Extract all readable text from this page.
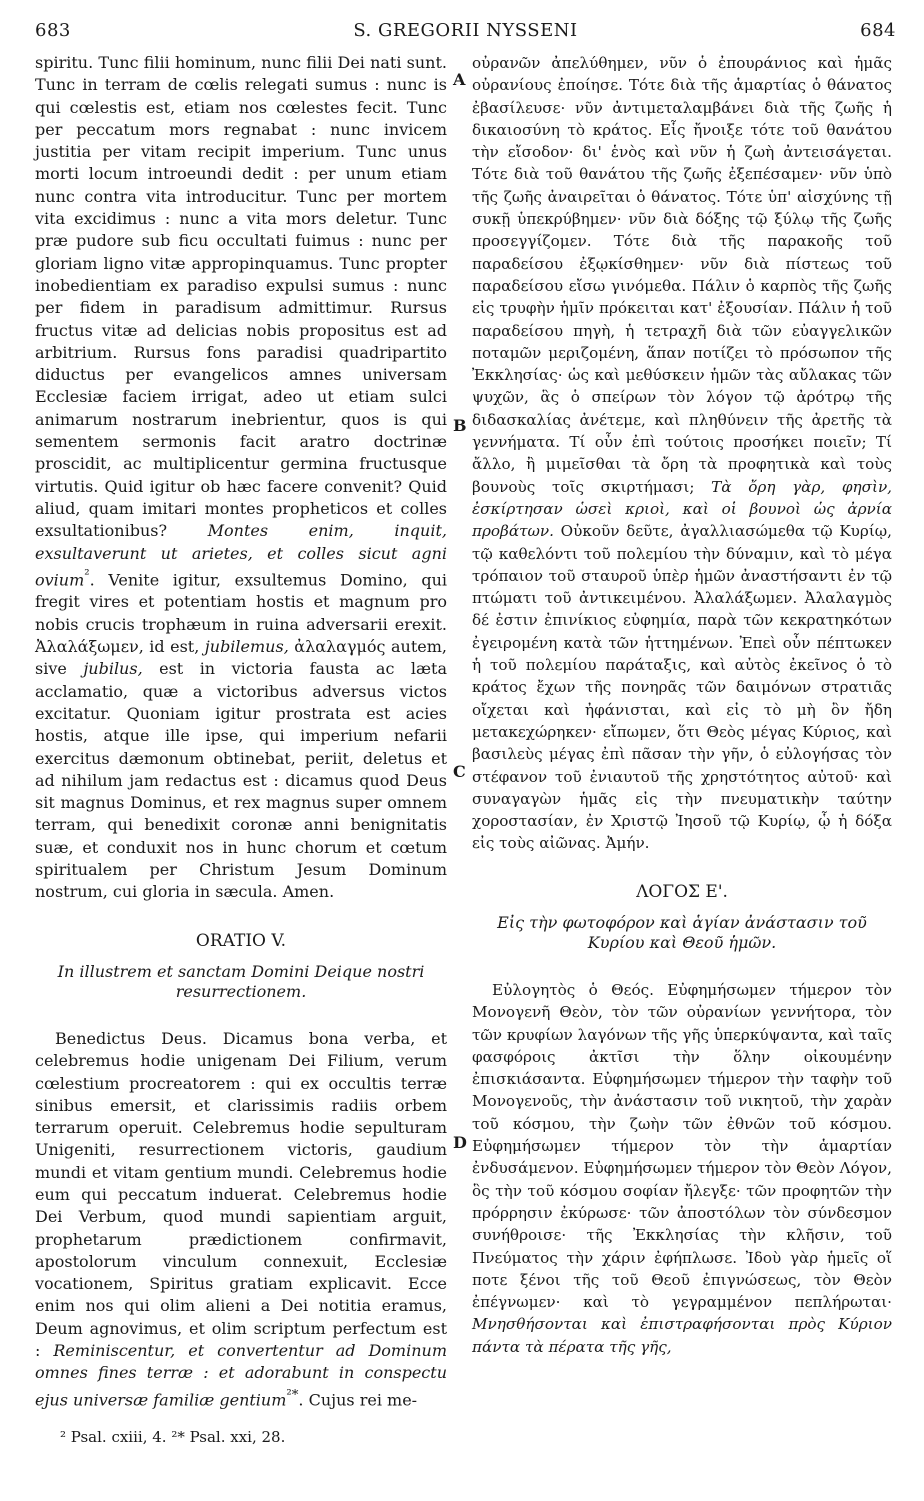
683	S. GREGORII NYSSENI	684
A
B
C
D

spiritu. Tunc filii hominum, nunc filii Dei nati sunt. Tunc in terram de cœlis relegati sumus : nunc is qui cœlestis est, etiam nos cœlestes fecit. Tunc per peccatum mors regnabat : nunc invicem justitia per vitam recipit imperium. Tunc unus morti locum introeundi dedit : per unum etiam nunc contra vita introducitur. Tunc per mortem vita excidimus : nunc a vita mors deletur. Tunc præ pudore sub ficu occultati fuimus : nunc per gloriam ligno vitæ appropinquamus. Tunc propter inobedientiam ex paradiso expulsi sumus : nunc per fidem in paradisum admittimur. Rursus fructus vitæ ad delicias nobis propositus est ad arbitrium. Rursus fons paradisi quadripartito diductus per evangelicos amnes universam Ecclesiæ faciem irrigat, adeo ut etiam sulci animarum nostrarum inebrientur, quos is qui sementem sermonis facit aratro doctrinæ proscidit, ac multiplicentur germina fructusque virtutis. Quid igitur ob hæc facere convenit? Quid aliud, quam imitari montes propheticos et colles exsultationibus?	Montes enim, inquit, exsultaverunt ut arietes, et colles sicut agni ovium$^{^2}$. Venite igitur, exsultemus Domino, qui fregit vires et potentiam hostis et magnum pro nobis crucis trophæum in ruina adversarii erexit. Ἀλαλάξωμεν, id est, jubilemus, ἀλαλαγμός autem, sive jubilus, est in victoria fausta ac læta acclamatio, quæ a victoribus adversus victos excitatur. Quoniam igitur prostrata est acies hostis, atque ille ipse, qui imperium nefarii exercitus dæmonum obtinebat, periit, deletus et ad nihilum jam redactus est : dicamus quod Deus sit magnus Dominus, et rex magnus super omnem terram, qui benedixit coronæ anni benignitatis suæ, et conduxit nos in hunc chorum et cœtum spiritualem per Christum Jesum Dominum nostrum, cui gloria in sæcula. Amen.

ORATIO V.

In illustrem et sanctam Domini Deique nostri resurrectionem.

Benedictus Deus. Dicamus bona verba, et celebremus hodie unigenam Dei Filium, verum cœlestium procreatorem : qui ex occultis terræ sinibus emersit, et clarissimis radiis orbem terrarum operuit. Celebremus hodie sepulturam Unigeniti, resurrectionem victoris, gaudium mundi et vitam gentium mundi. Celebremus hodie eum qui peccatum induerat. Celebremus hodie Dei Verbum, quod mundi sapientiam arguit, prophetarum prædictionem confirmavit, apostolorum vinculum connexuit, Ecclesiæ vocationem, Spiritus gratiam explicavit. Ecce enim nos qui olim alieni a Dei notitia eramus, Deum agnovimus, et olim scriptum perfectum est : Reminiscentur, et convertentur ad Dominum omnes fines terræ : et adorabunt in conspectu ejus universæ familiæ gentium$^{^2*}$. Cujus rei me-

οὐρανῶν ἀπελύθημεν, νῦν ὁ ἐπουράνιος καὶ ἡμᾶς οὐρανίους ἐποίησε. Τότε διὰ τῆς ἁμαρτίας ὁ θάνατος ἐβασίλευσε· νῦν ἀντιμεταλαμβάνει διὰ τῆς ζωῆς ἡ δικαιοσύνη τὸ κράτος. Εἷς ἤνοιξε τότε τοῦ θανάτου τὴν εἴσοδον· δι' ἑνὸς καὶ νῦν ἡ ζωὴ ἀντεισάγεται. Τότε διὰ τοῦ θανάτου τῆς ζωῆς ἐξεπέσαμεν· νῦν ὑπὸ τῆς ζωῆς ἀναιρεῖται ὁ θάνατος. Τότε ὑπ' αἰσχύνης τῇ συκῇ ὑπεκρύβημεν· νῦν διὰ δόξης τῷ ξύλῳ τῆς ζωῆς προσεγγίζομεν. Τότε διὰ τῆς παρακοῆς τοῦ παραδείσου ἐξῳκίσθημεν· νῦν διὰ πίστεως τοῦ παραδείσου εἴσω γινόμεθα. Πάλιν ὁ καρπὸς τῆς ζωῆς εἰς τρυφὴν ἡμῖν πρόκειται κατ' ἐξουσίαν. Πάλιν ἡ τοῦ παραδείσου πηγὴ, ἡ τετραχῆ διὰ τῶν εὐαγγελικῶν ποταμῶν μεριζομένη, ἅπαν ποτίζει τὸ πρόσωπον τῆς Ἐκκλησίας· ὡς καὶ μεθύσκειν ἡμῶν τὰς αὔλακας τῶν ψυχῶν, ἃς ὁ σπείρων τὸν λόγον τῷ ἀρότρῳ τῆς διδασκαλίας ἀνέτεμε, καὶ πληθύνειν τῆς ἀρετῆς τὰ γεννήματα. Τί οὖν ἐπὶ τούτοις προσήκει ποιεῖν; Τί ἄλλο, ἢ μιμεῖσθαι τὰ ὄρη τὰ προφητικὰ καὶ τοὺς βουνοὺς τοῖς σκιρτήμασι; Τὰ ὄρη γὰρ, φησὶν, ἐσκίρτησαν ὡσεὶ κριοὶ, καὶ οἱ βουνοὶ ὡς ἀρνία προβάτων. Οὐκοῦν δεῦτε, ἀγαλλιασώμεθα τῷ Κυρίῳ, τῷ καθελόντι τοῦ πολεμίου τὴν δύναμιν, καὶ τὸ μέγα τρόπαιον τοῦ σταυροῦ ὑπὲρ ἡμῶν ἀναστήσαντι ἐν τῷ πτώματι τοῦ ἀντικειμένου. Ἀλαλάξωμεν. Ἀλαλαγμὸς δέ ἐστιν ἐπινίκιος εὐφημία, παρὰ τῶν κεκρατηκότων ἐγειρομένη κατὰ τῶν ἡττημένων. Ἐπεὶ οὖν πέπτωκεν ἡ τοῦ πολεμίου παράταξις, καὶ αὐτὸς ἐκεῖνος ὁ τὸ κράτος ἔχων τῆς πονηρᾶς τῶν δαιμόνων στρατιᾶς οἴχεται καὶ ἠφάνισται, καὶ εἰς τὸ μὴ ὂν ἤδη μετακεχώρηκεν· εἴπωμεν, ὅτι Θεὸς μέγας Κύριος, καὶ βασιλεὺς μέγας ἐπὶ πᾶσαν τὴν γῆν, ὁ εὐλογήσας τὸν στέφανον τοῦ ἐνιαυτοῦ τῆς χρηστότητος αὐτοῦ· καὶ συναγαγὼν ἡμᾶς εἰς τὴν πνευματικὴν ταύτην χοροστασίαν, ἐν Χριστῷ Ἰησοῦ τῷ Κυρίῳ, ᾧ ἡ δόξα εἰς τοὺς αἰῶνας. Ἀμήν.

ΛΟΓΟΣ Ε'.

Εἰς τὴν φωτοφόρον καὶ ἁγίαν ἀνάστασιν τοῦ Κυρίου καὶ Θεοῦ ἡμῶν.

Εὐλογητὸς ὁ Θεός. Εὐφημήσωμεν τήμερον τὸν Μονογενῆ Θεὸν, τὸν τῶν οὐρανίων γεννήτορα, τὸν τῶν κρυφίων λαγόνων τῆς γῆς ὑπερκύψαντα, καὶ ταῖς φασφόροις ἀκτῖσι τὴν ὅλην οἰκουμένην ἐπισκιάσαντα. Εὐφημήσωμεν τήμερον τὴν ταφὴν τοῦ Μονογενοῦς, τὴν ἀνάστασιν τοῦ νικητοῦ, τὴν χαρὰν τοῦ κόσμου, τὴν ζωὴν τῶν ἐθνῶν τοῦ κόσμου. Εὐφημήσωμεν τήμερον τὸν τὴν ἁμαρτίαν ἐνδυσάμενον. Εὐφημήσωμεν τήμερον τὸν Θεὸν Λόγον, ὃς τὴν τοῦ κόσμου σοφίαν ἤλεγξε· τῶν προφητῶν τὴν πρόρρησιν ἐκύρωσε· τῶν ἀποστόλων τὸν σύνδεσμον συνήθροισε· τῆς Ἐκκλησίας τὴν κλῆσιν, τοῦ Πνεύματος τὴν χάριν ἐφήπλωσε. Ἰδοὺ γὰρ ἡμεῖς οἵ ποτε ξένοι τῆς τοῦ Θεοῦ ἐπιγνώσεως, τὸν Θεὸν ἐπέγνωμεν· καὶ τὸ γεγραμμένον πεπλήρωται· Μνησθήσονται καὶ ἐπιστραφήσονται πρὸς Κύριον πάντα τὰ πέρατα τῆς γῆς,

² Psal. cxiii, 4. ²* Psal. xxi, 28.
